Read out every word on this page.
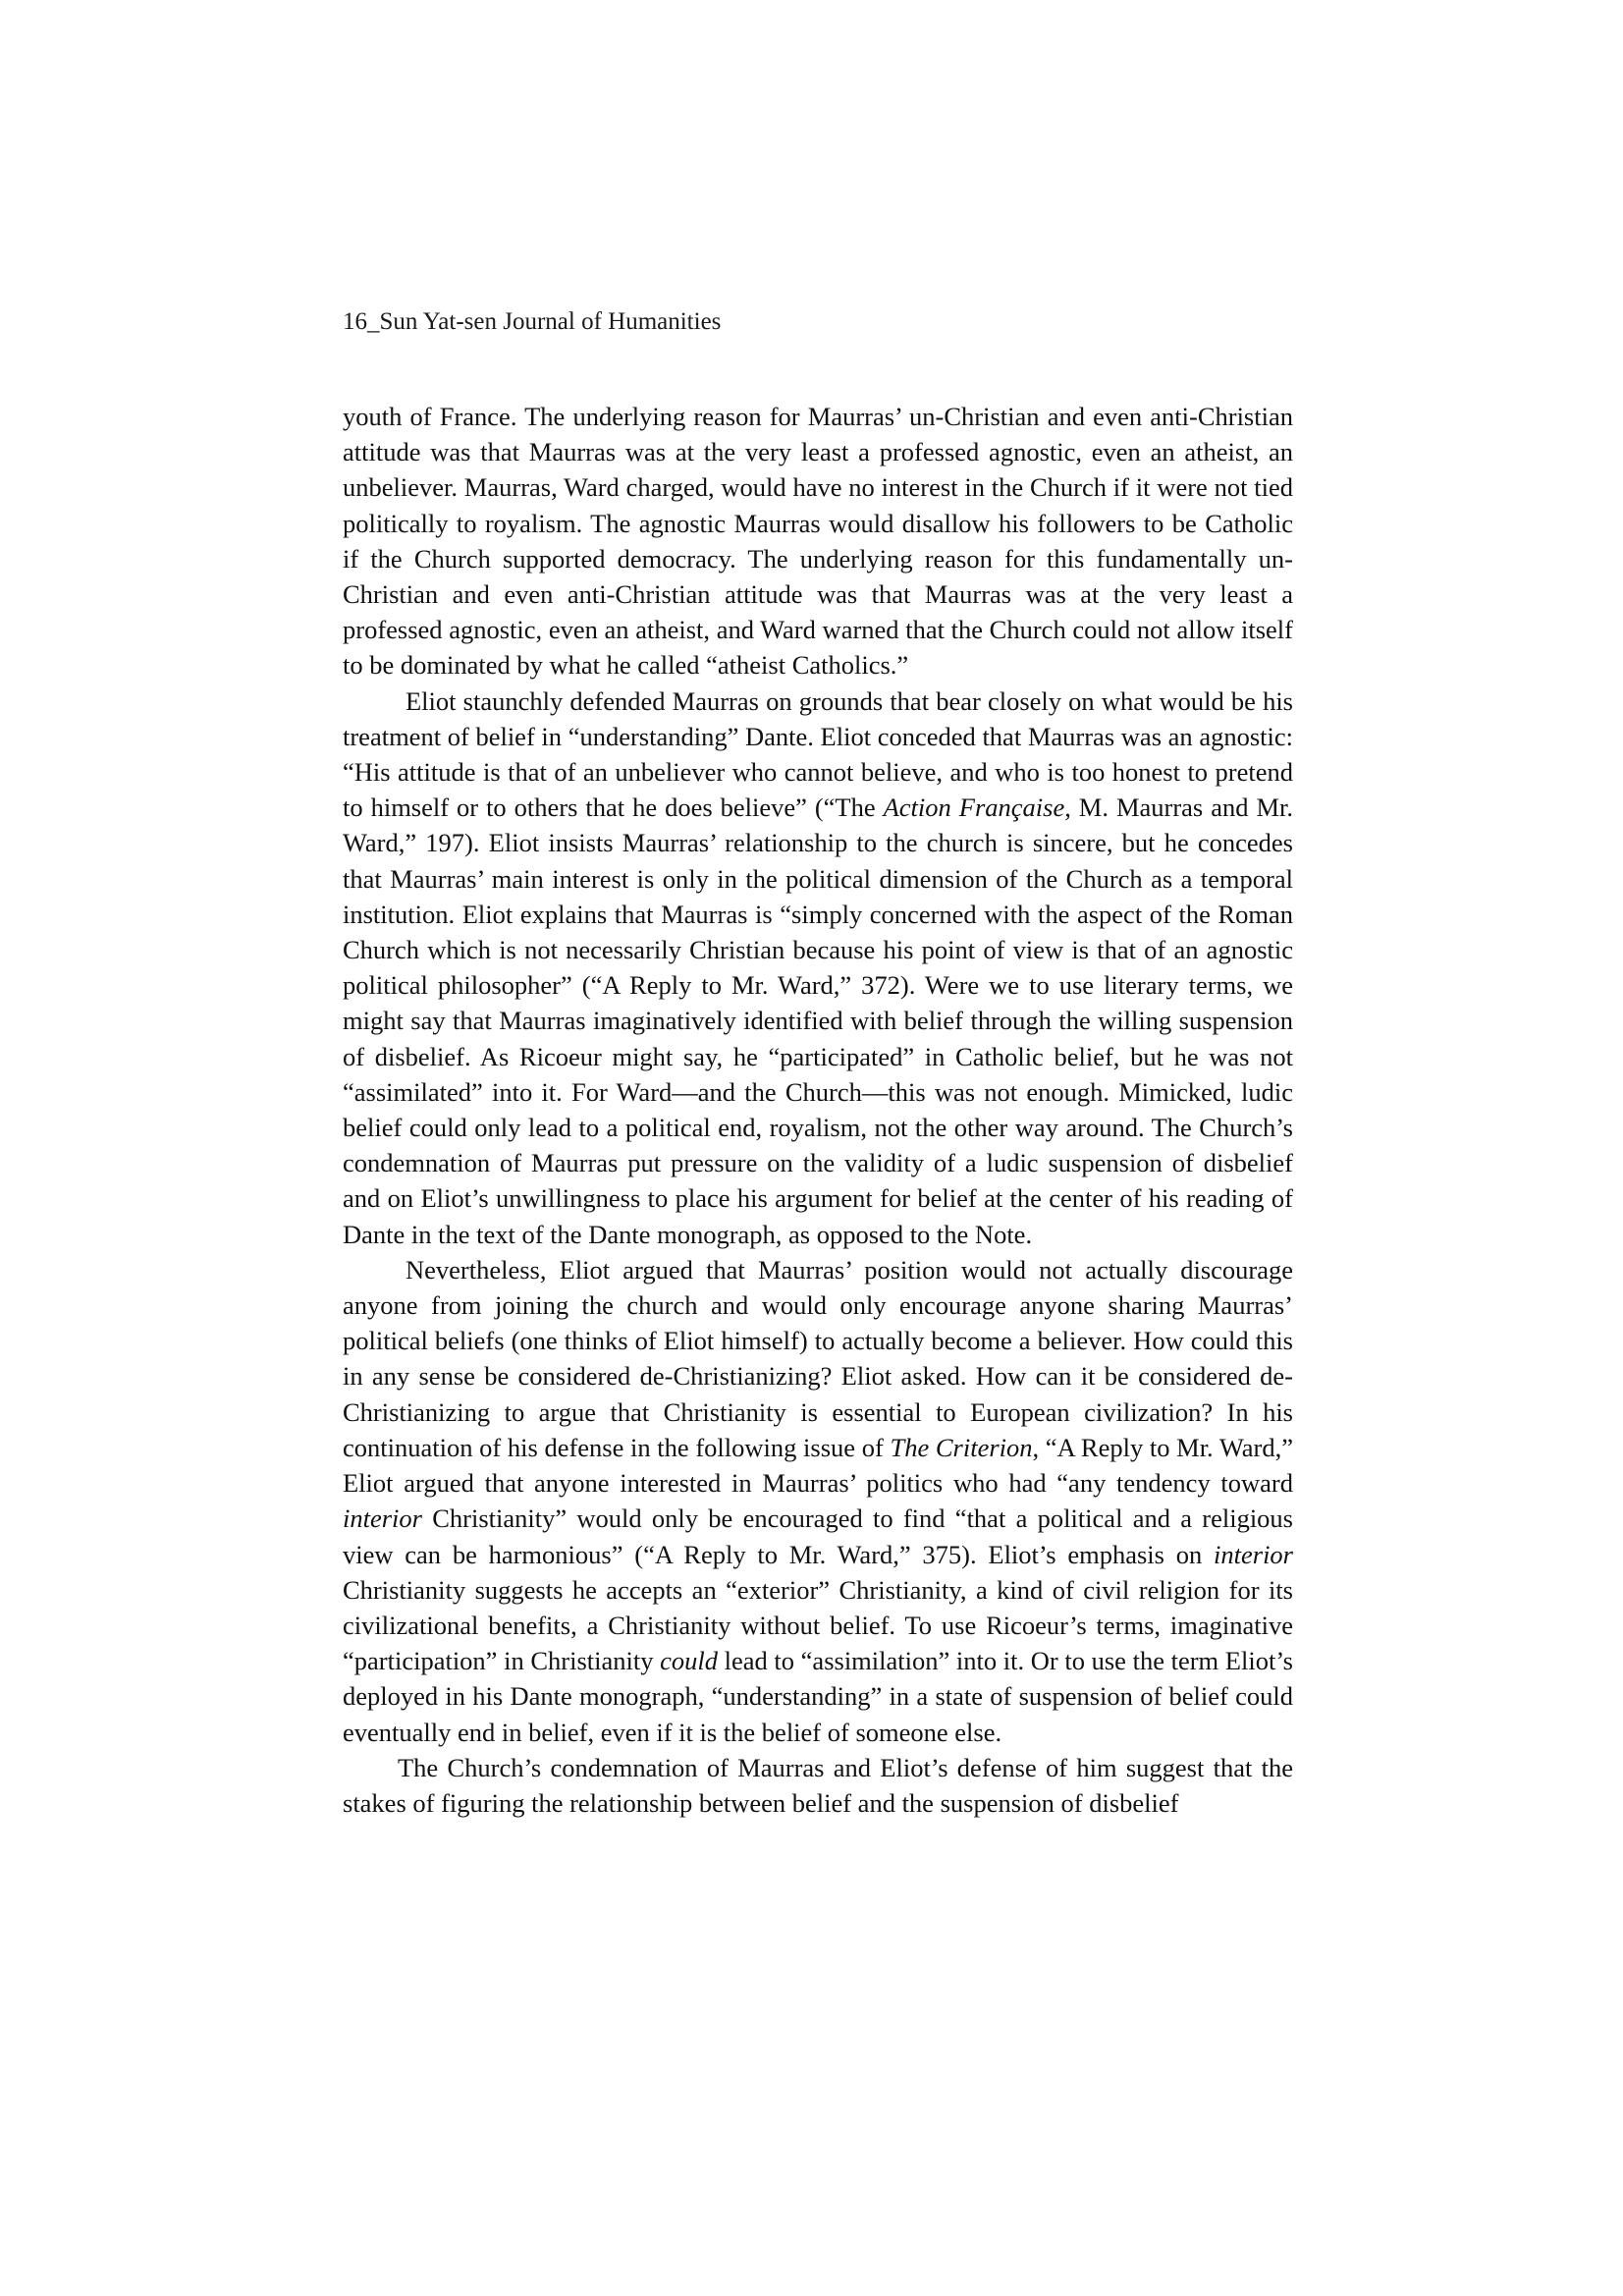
16_Sun Yat-sen Journal of Humanities

youth of France. The underlying reason for Maurras’ un-Christian and even anti-Christian attitude was that Maurras was at the very least a professed agnostic, even an atheist, an unbeliever. Maurras, Ward charged, would have no interest in the Church if it were not tied politically to royalism. The agnostic Maurras would disallow his followers to be Catholic if the Church supported democracy. The underlying reason for this fundamentally un-Christian and even anti-Christian attitude was that Maurras was at the very least a professed agnostic, even an atheist, and Ward warned that the Church could not allow itself to be dominated by what he called “atheist Catholics.”

Eliot staunchly defended Maurras on grounds that bear closely on what would be his treatment of belief in “understanding” Dante. Eliot conceded that Maurras was an agnostic: “His attitude is that of an unbeliever who cannot believe, and who is too honest to pretend to himself or to others that he does believe” (“The Action Française, M. Maurras and Mr. Ward,” 197). Eliot insists Maurras’ relationship to the church is sincere, but he concedes that Maurras’ main interest is only in the political dimension of the Church as a temporal institution. Eliot explains that Maurras is “simply concerned with the aspect of the Roman Church which is not necessarily Christian because his point of view is that of an agnostic political philosopher” (“A Reply to Mr. Ward,” 372). Were we to use literary terms, we might say that Maurras imaginatively identified with belief through the willing suspension of disbelief. As Ricoeur might say, he “participated” in Catholic belief, but he was not “assimilated” into it. For Ward—and the Church—this was not enough. Mimicked, ludic belief could only lead to a political end, royalism, not the other way around. The Church’s condemnation of Maurras put pressure on the validity of a ludic suspension of disbelief and on Eliot’s unwillingness to place his argument for belief at the center of his reading of Dante in the text of the Dante monograph, as opposed to the Note.

Nevertheless, Eliot argued that Maurras’ position would not actually discourage anyone from joining the church and would only encourage anyone sharing Maurras’ political beliefs (one thinks of Eliot himself) to actually become a believer. How could this in any sense be considered de-Christianizing? Eliot asked. How can it be considered de-Christianizing to argue that Christianity is essential to European civilization? In his continuation of his defense in the following issue of The Criterion, “A Reply to Mr. Ward,” Eliot argued that anyone interested in Maurras’ politics who had “any tendency toward interior Christianity” would only be encouraged to find “that a political and a religious view can be harmonious” (“A Reply to Mr. Ward,” 375). Eliot’s emphasis on interior Christianity suggests he accepts an “exterior” Christianity, a kind of civil religion for its civilizational benefits, a Christianity without belief. To use Ricoeur’s terms, imaginative “participation” in Christianity could lead to “assimilation” into it. Or to use the term Eliot’s deployed in his Dante monograph, “understanding” in a state of suspension of belief could eventually end in belief, even if it is the belief of someone else.

The Church’s condemnation of Maurras and Eliot’s defense of him suggest that the stakes of figuring the relationship between belief and the suspension of disbelief
